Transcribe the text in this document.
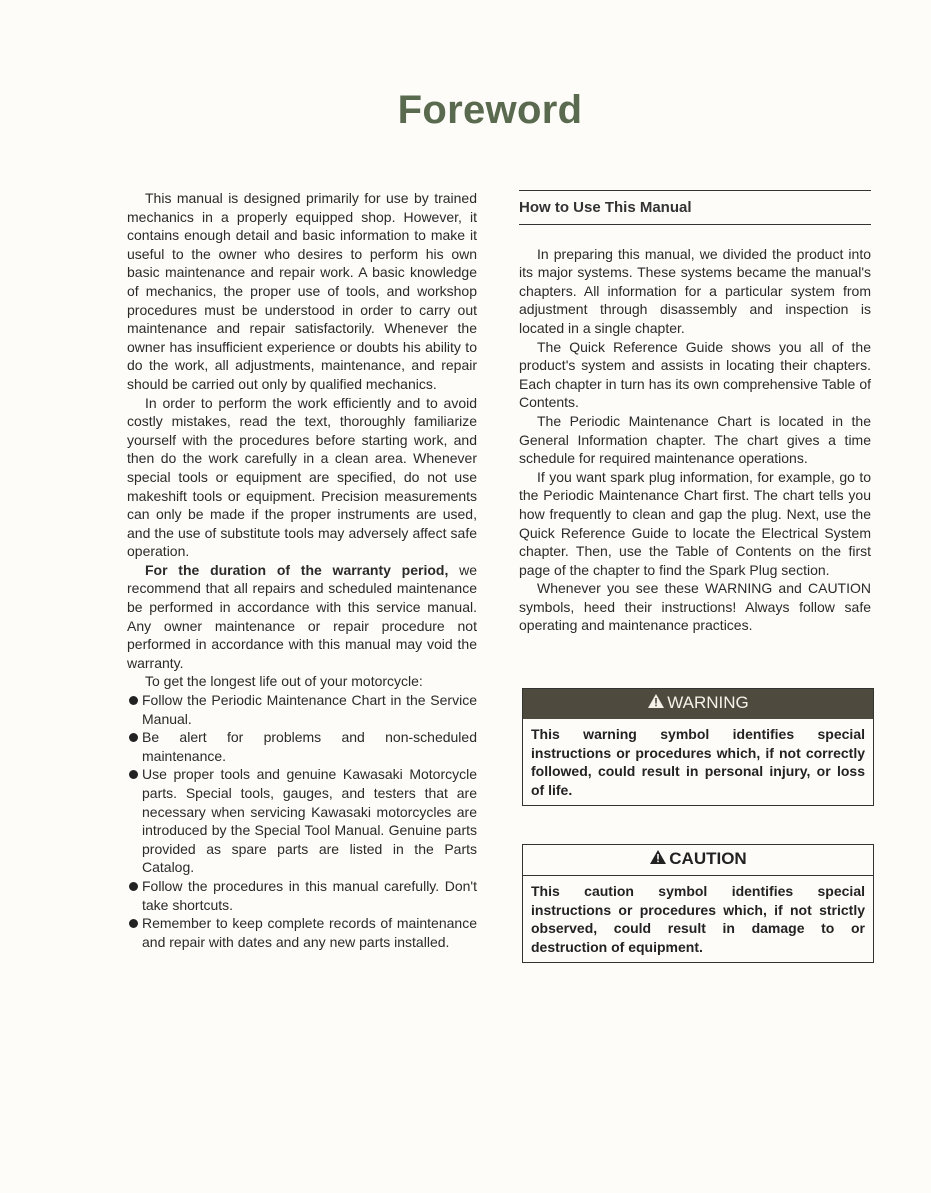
Foreword

This manual is designed primarily for use by trained mechanics in a properly equipped shop. However, it contains enough detail and basic information to make it useful to the owner who desires to perform his own basic maintenance and repair work. A basic knowledge of mechanics, the proper use of tools, and workshop procedures must be understood in order to carry out maintenance and repair satisfactorily. Whenever the owner has insufficient experience or doubts his ability to do the work, all adjustments, maintenance, and repair should be carried out only by qualified mechanics.

In order to perform the work efficiently and to avoid costly mistakes, read the text, thoroughly familiarize yourself with the procedures before starting work, and then do the work carefully in a clean area. Whenever special tools or equipment are specified, do not use makeshift tools or equipment. Precision measurements can only be made if the proper instruments are used, and the use of substitute tools may adversely affect safe operation.

For the duration of the warranty period, we recommend that all repairs and scheduled maintenance be performed in accordance with this service manual. Any owner maintenance or repair procedure not performed in accordance with this manual may void the warranty.

To get the longest life out of your motorcycle:

Follow the Periodic Maintenance Chart in the Service Manual.
Be alert for problems and non-scheduled maintenance.
Use proper tools and genuine Kawasaki Motorcycle parts. Special tools, gauges, and testers that are necessary when servicing Kawasaki motorcycles are introduced by the Special Tool Manual. Genuine parts provided as spare parts are listed in the Parts Catalog.
Follow the procedures in this manual carefully. Don't take shortcuts.
Remember to keep complete records of maintenance and repair with dates and any new parts installed.
How to Use This Manual

In preparing this manual, we divided the product into its major systems. These systems became the manual's chapters. All information for a particular system from adjustment through disassembly and inspection is located in a single chapter.

The Quick Reference Guide shows you all of the product's system and assists in locating their chapters. Each chapter in turn has its own comprehensive Table of Contents.

The Periodic Maintenance Chart is located in the General Information chapter. The chart gives a time schedule for required maintenance operations.

If you want spark plug information, for example, go to the Periodic Maintenance Chart first. The chart tells you how frequently to clean and gap the plug. Next, use the Quick Reference Guide to locate the Electrical System chapter. Then, use the Table of Contents on the first page of the chapter to find the Spark Plug section.

Whenever you see these WARNING and CAUTION symbols, heed their instructions! Always follow safe operating and maintenance practices.

WARNING
This warning symbol identifies special instructions or procedures which, if not correctly followed, could result in personal injury, or loss of life.
CAUTION
This caution symbol identifies special instructions or procedures which, if not strictly observed, could result in damage to or destruction of equipment.
